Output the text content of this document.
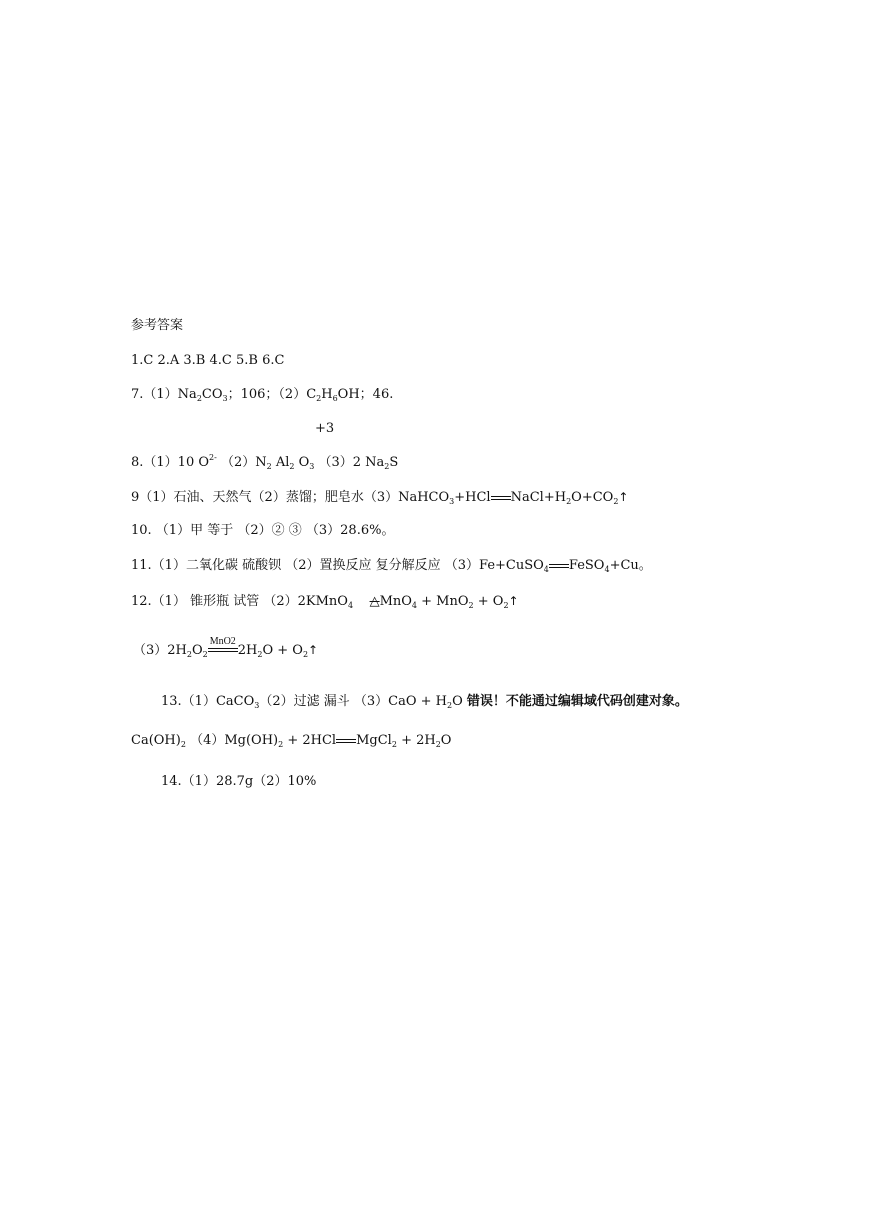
参考答案
1.C 2.A 3.B 4.C 5.B 6.C
$7.(1)Na_2CO_3$；106；$(2)C_2H_6OH$；46.
+3
8.（1）10 $O^{2-}$ $(2)N_2$ $Al_2$ $O_3$ （3）2 $Na_2S$
9（1）石油、天然气（2）蒸馏；肥皂水（3）NaHCO$_3$+HCl $NaCl+H_2O+CO_2↑$
10. （1）甲 等于 （2）② ③ （3）28.6%。
11.（1）二氧化碳 硫酸钡 （2）置换反应 复分解反应 （3）Fe+CuSO$_4$ FeSO$_4$+Cu。
12.（1） 锥形瓶 试管 （2）2KMnO$_4$ △MnO$_4$ + $MnO_2 + O_2↑$
$(3)2H_2O_2$
MnO2
$2H_2O$ + $O_2↑$
13.（1）CaCO$_3$（2）过滤 漏斗 $(3)CaO + H_2O$ 错误！不能通过编辑域代码创建对象。
$Ca(OH)_2$ $(4)Mg(OH)_2 + 2HCl$ MgCl$_2$ + $2H_2O$
14.（1）28.7g（2）10%
